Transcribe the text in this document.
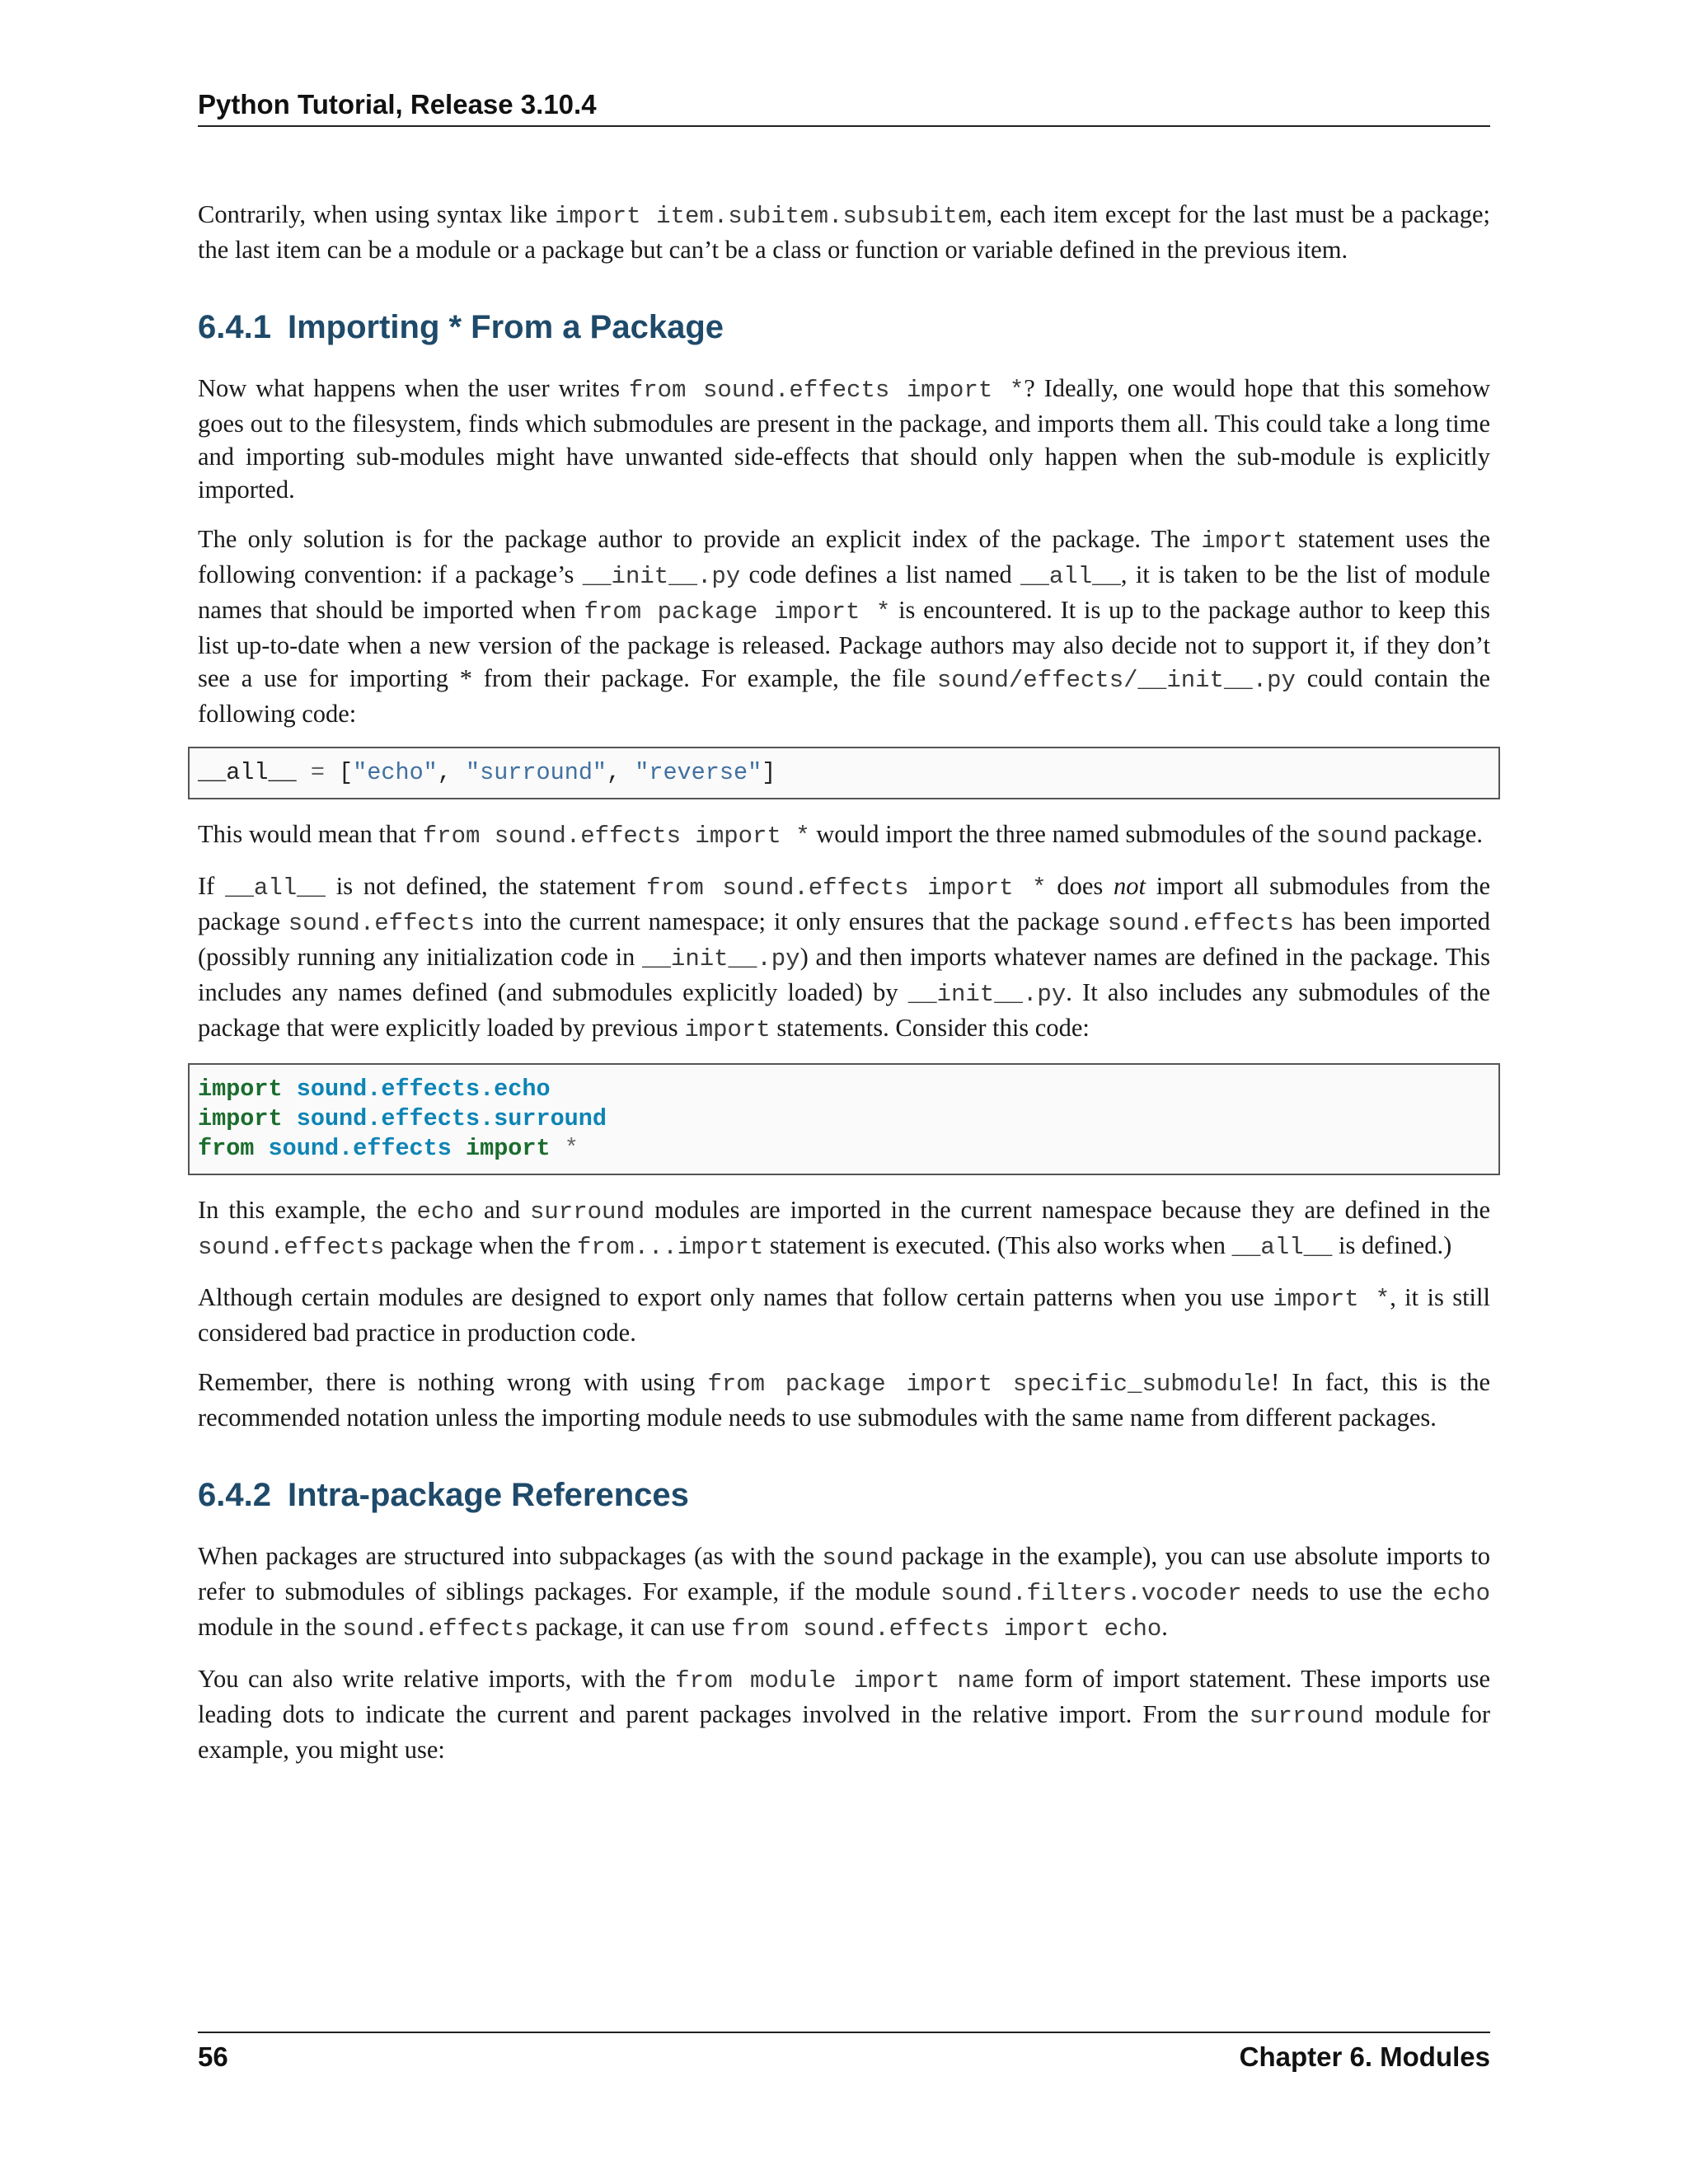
Python Tutorial, Release 3.10.4

Contrarily, when using syntax like import item.subitem.subsubitem, each item except for the last must be a package; the last item can be a module or a package but can’t be a class or function or variable defined in the previous item.

6.4.1 Importing * From a Package

Now what happens when the user writes from sound.effects import *? Ideally, one would hope that this somehow goes out to the filesystem, finds which submodules are present in the package, and imports them all. This could take a long time and importing sub-modules might have unwanted side-effects that should only happen when the sub-module is explicitly imported.

The only solution is for the package author to provide an explicit index of the package. The import statement uses the following convention: if a package’s __init__.py code defines a list named __all__, it is taken to be the list of module names that should be imported when from package import * is encountered. It is up to the package author to keep this list up-to-date when a new version of the package is released. Package authors may also decide not to support it, if they don’t see a use for importing * from their package. For example, the file sound/effects/__init__.py could contain the following code:

__all__ = ["echo", "surround", "reverse"]

This would mean that from sound.effects import * would import the three named submodules of the sound package.

If __all__ is not defined, the statement from sound.effects import * does not import all submodules from the package sound.effects into the current namespace; it only ensures that the package sound.effects has been imported (possibly running any initialization code in __init__.py) and then imports whatever names are defined in the package. This includes any names defined (and submodules explicitly loaded) by __init__.py. It also includes any submodules of the package that were explicitly loaded by previous import statements. Consider this code:

import sound.effects.echo
import sound.effects.surround
from sound.effects import *

In this example, the echo and surround modules are imported in the current namespace because they are defined in the sound.effects package when the from...import statement is executed. (This also works when __all__ is defined.)

Although certain modules are designed to export only names that follow certain patterns when you use import *, it is still considered bad practice in production code.

Remember, there is nothing wrong with using from package import specific_submodule! In fact, this is the recommended notation unless the importing module needs to use submodules with the same name from different packages.

6.4.2 Intra-package References

When packages are structured into subpackages (as with the sound package in the example), you can use absolute imports to refer to submodules of siblings packages. For example, if the module sound.filters.vocoder needs to use the echo module in the sound.effects package, it can use from sound.effects import echo.

You can also write relative imports, with the from module import name form of import statement. These imports use leading dots to indicate the current and parent packages involved in the relative import. From the surround module for example, you might use:

56	Chapter 6. Modules
